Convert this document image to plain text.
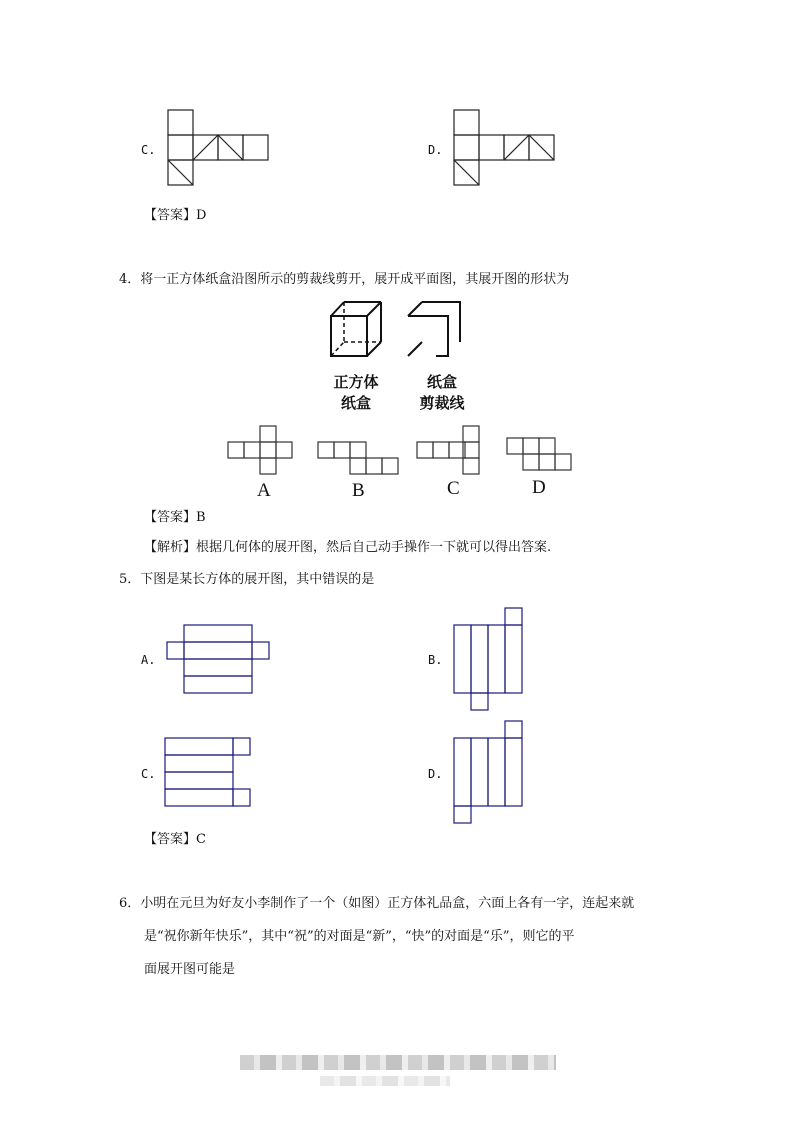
C.	D.
【答案】D
4．将一正方体纸盒沿图所示的剪裁线剪开，展开成平面图，其展开图的形状为
正方体
纸盒
纸盒
剪裁线
A	B	C	D
【答案】B
【解析】根据几何体的展开图，然后自己动手操作一下就可以得出答案.
5．下图是某长方体的展开图，其中错误的是
A.	B.
C.	D.
【答案】C
6．小明在元旦为好友小李制作了一个（如图）正方体礼品盒，六面上各有一字，连起来就
是“祝你新年快乐”，其中“祝”的对面是“新”，“快”的对面是“乐”，则它的平
面展开图可能是
